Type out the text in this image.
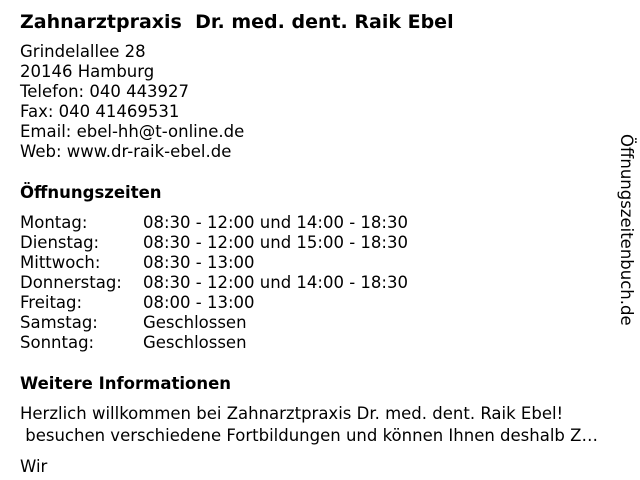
Zahnarztpraxis  Dr. med. dent. Raik Ebel
Grindelallee 28
20146 Hamburg
Telefon: 040 443927
Fax: 040 41469531
Email: ebel-hh@t-online.de
Web: www.dr-raik-ebel.de
Öffnungszeiten

Montag:

	08:30 - 12:00 und 14:00 - 18:30

Dienstag:

	08:30 - 12:00 und 15:00 - 18:30

Mittwoch:

	08:30 - 13:00

Donnerstag:

08:30 - 12:00 und 14:00 - 18:30

Freitag:

	08:00 - 13:00

Samstag:

	Geschlossen

Sonntag:

	Geschlossen

Weitere Informationen
Herzlich willkommen bei Zahnarztpraxis Dr. med. dent. Raik Ebel!
besuchen verschiedene Fortbildungen und können Ihnen deshalb Z…
Wir
Öffnungszeitenbuch.de
